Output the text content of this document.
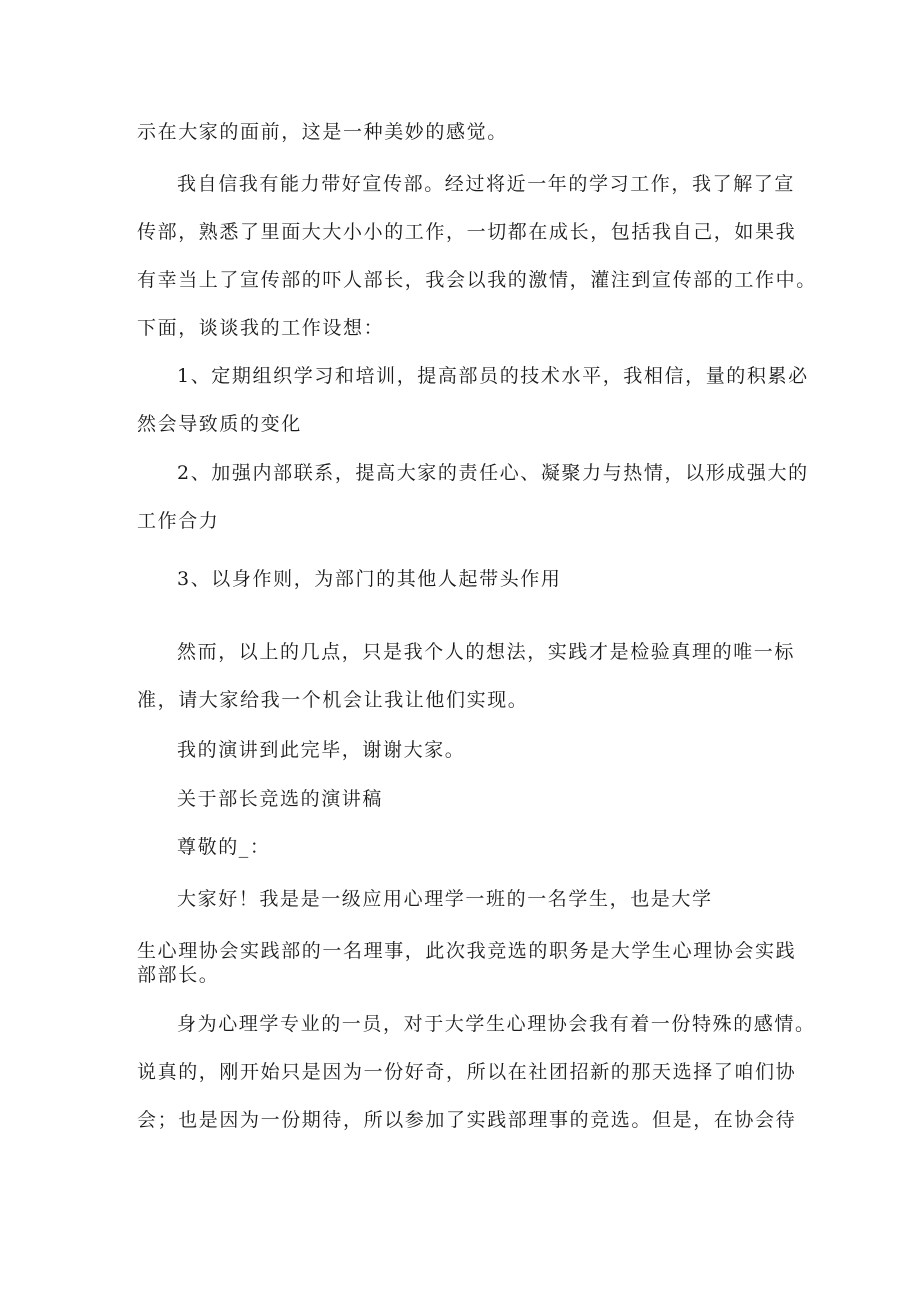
示在大家的面前，这是一种美妙的感觉。
我自信我有能力带好宣传部。经过将近一年的学习工作，我了解了宣
传部，熟悉了里面大大小小的工作，一切都在成长，包括我自己，如果我
有幸当上了宣传部的吓人部长，我会以我的激情，灌注到宣传部的工作中。
下面，谈谈我的工作设想：
1、定期组织学习和培训，提高部员的技术水平，我相信，量的积累必
然会导致质的变化
2、加强内部联系，提高大家的责任心、凝聚力与热情，以形成强大的
工作合力
3、以身作则，为部门的其他人起带头作用
然而，以上的几点，只是我个人的想法，实践才是检验真理的唯一标
准，请大家给我一个机会让我让他们实现。
我的演讲到此完毕，谢谢大家。
关于部长竞选的演讲稿
尊敬的_：
大家好！我是是一级应用心理学一班的一名学生，也是大学
生心理协会实践部的一名理事，此次我竞选的职务是大学生心理协会实践
部部长。
身为心理学专业的一员，对于大学生心理协会我有着一份特殊的感情。
说真的，刚开始只是因为一份好奇，所以在社团招新的那天选择了咱们协
会；也是因为一份期待，所以参加了实践部理事的竞选。但是，在协会待
